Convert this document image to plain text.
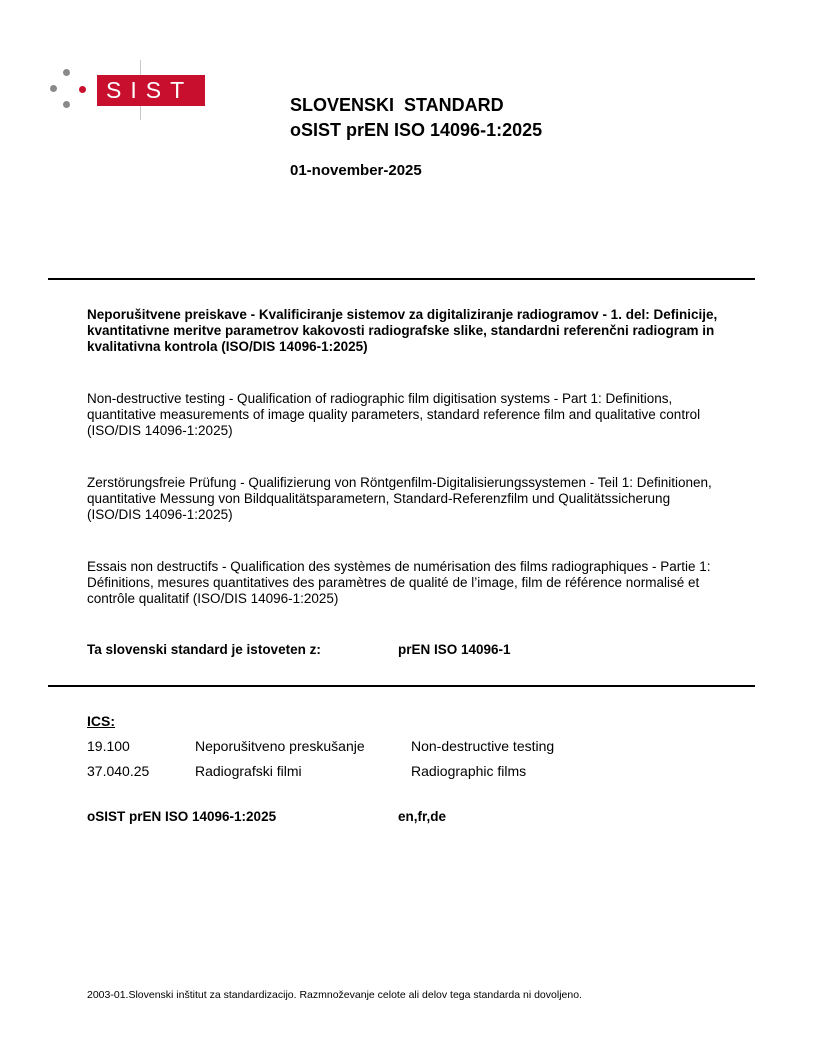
SIST
SLOVENSKI  STANDARD
oSIST prEN ISO 14096-1:2025
01-november-2025
Neporušitvene preiskave - Kvalificiranje sistemov za digitaliziranje radiogramov - 1. del: Definicije, kvantitativne meritve parametrov kakovosti radiografske slike, standardni referenčni radiogram in kvalitativna kontrola (ISO/DIS 14096-1:2025)
Non-destructive testing - Qualification of radiographic film digitisation systems - Part 1: Definitions, quantitative measurements of image quality parameters, standard reference film and qualitative control (ISO/DIS 14096-1:2025)
Zerstörungsfreie Prüfung - Qualifizierung von Röntgenfilm-Digitalisierungssystemen - Teil 1: Definitionen, quantitative Messung von Bildqualitätsparametern, Standard-Referenzfilm und Qualitätssicherung (ISO/DIS 14096-1:2025)
Essais non destructifs - Qualification des systèmes de numérisation des films radiographiques - Partie 1: Définitions, mesures quantitatives des paramètres de qualité de l’image, film de référence normalisé et contrôle qualitatif (ISO/DIS 14096-1:2025)
Ta slovenski standard je istoveten z:	prEN ISO 14096-1
ICS:
19.100	Neporušitveno preskušanje	Non-destructive testing
37.040.25	Radiografski filmi	Radiographic films
oSIST prEN ISO 14096-1:2025	en,fr,de
2003-01.Slovenski inštitut za standardizacijo. Razmnoževanje celote ali delov tega standarda ni dovoljeno.
